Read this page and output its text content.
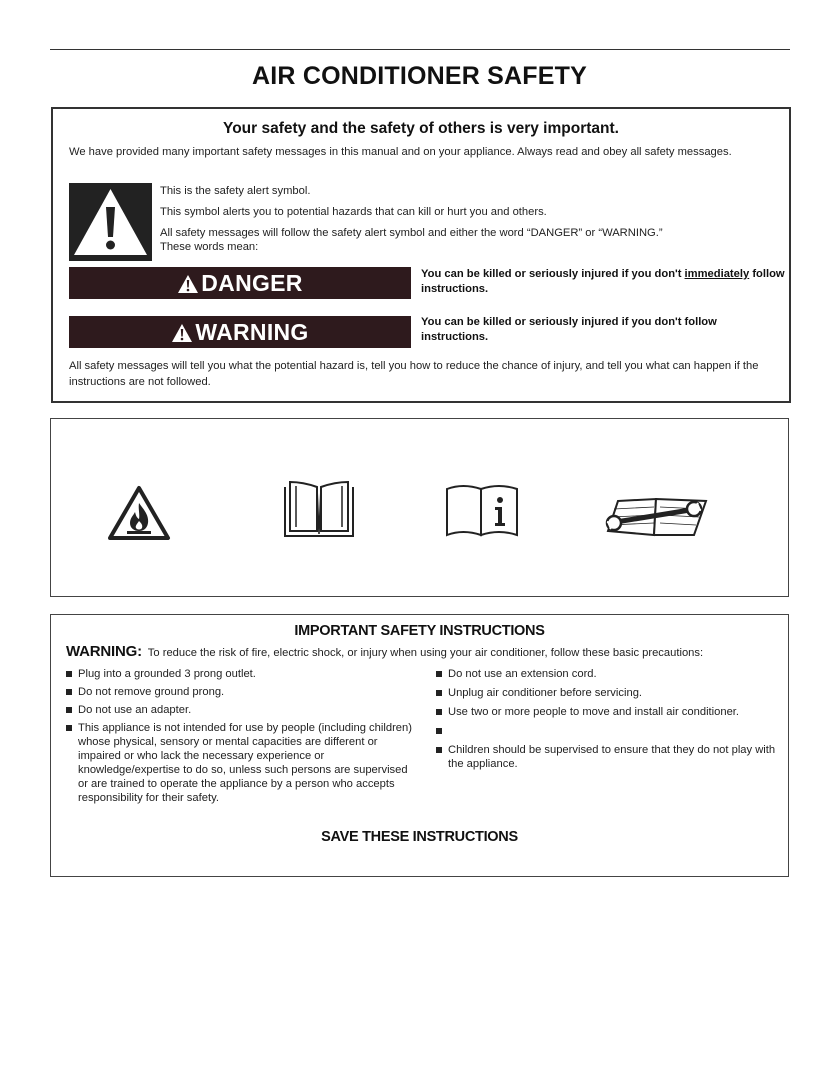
AIR CONDITIONER SAFETY
Your safety and the safety of others is very important.
We have provided many important safety messages in this manual and on your appliance. Always read and obey all safety messages.
This is the safety alert symbol.
This symbol alerts you to potential hazards that can kill or hurt you and others.
All safety messages will follow the safety alert symbol and either the word “DANGER” or “WARNING.”
These words mean:
DANGER	You can be killed or seriously injured if you don't immediately follow instructions.
WARNING	You can be killed or seriously injured if you don't follow instructions.
All safety messages will tell you what the potential hazard is, tell you how to reduce the chance of injury, and tell you what can happen if the instructions are not followed.
IMPORTANT SAFETY INSTRUCTIONS
WARNING: To reduce the risk of fire, electric shock, or injury when using your air conditioner, follow these basic precautions:
Plug into a grounded 3 prong outlet.
Do not remove ground prong.
Do not use an adapter.
This appliance is not intended for use by people (including children) whose physical, sensory or mental capacities are different or impaired or who lack the necessary experience or knowledge/expertise to do so, unless such persons are supervised or are trained to operate the appliance by a person who accepts responsibility for their safety.
Do not use an extension cord.
Unplug air conditioner before servicing.
Use two or more people to move and install air conditioner.
Children should be supervised to ensure that they do not play with the appliance.
SAVE THESE INSTRUCTIONS
